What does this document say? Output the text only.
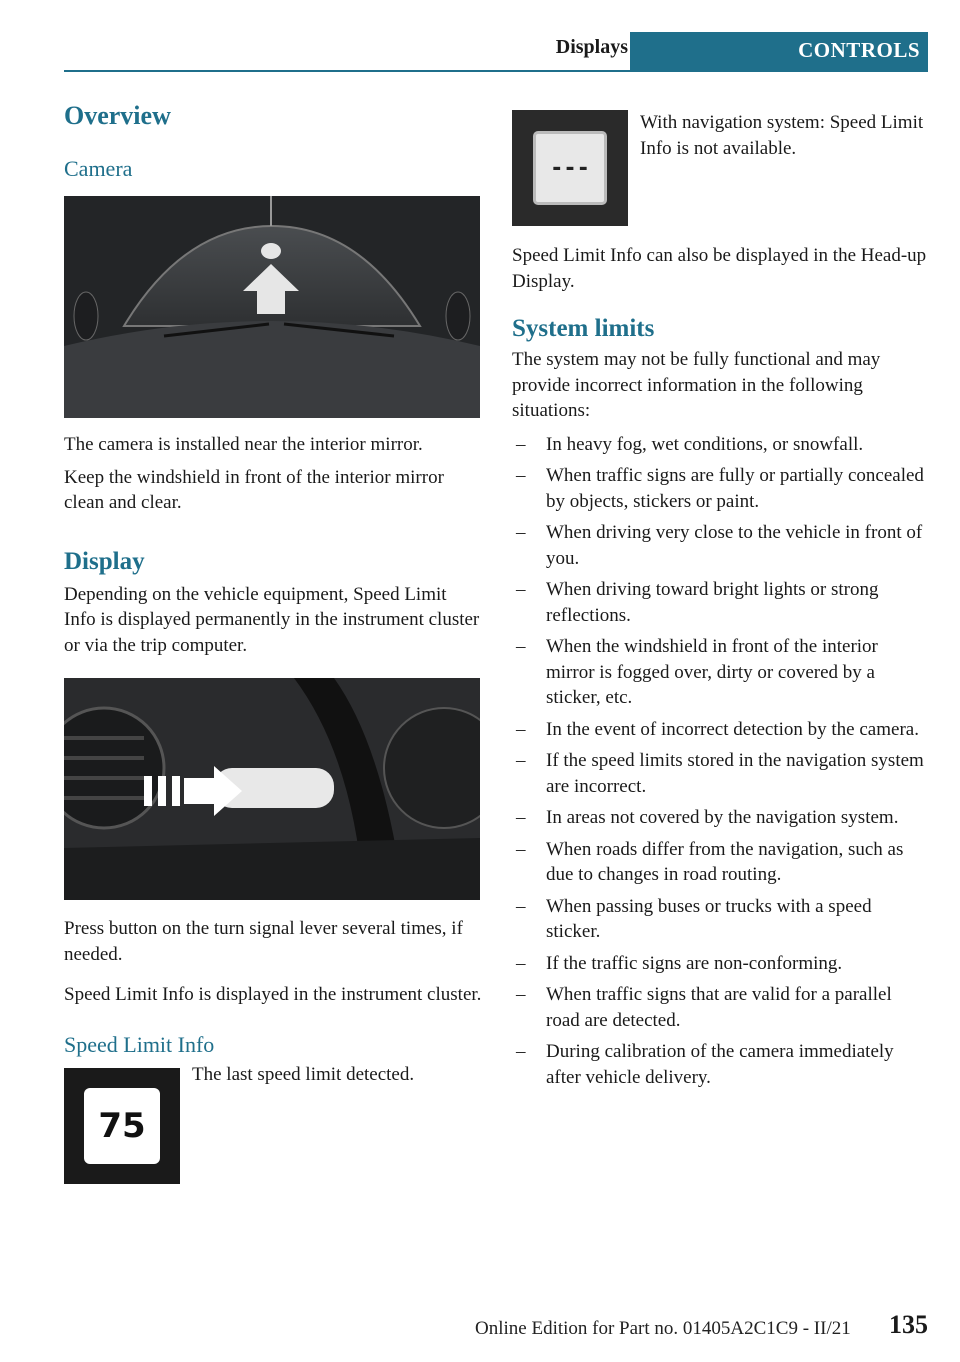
Displays	CONTROLS
Overview
Camera

The camera is installed near the interior mirror.

Keep the windshield in front of the interior mirror clean and clear.

Display

Depending on the vehicle equipment, Speed Limit Info is displayed permanently in the instrument cluster or via the trip computer.

Press button on the turn signal lever several times, if needed.

Speed Limit Info is displayed in the instrument cluster.

Speed Limit Info
75

The last speed limit detected.

---

With navigation system: Speed Limit Info is not available.

Speed Limit Info can also be displayed in the Head-up Display.

System limits

The system may not be fully functional and may provide incorrect information in the following situations:

– In heavy fog, wet conditions, or snowfall.
– When traffic signs are fully or partially concealed by objects, stickers or paint.
– When driving very close to the vehicle in front of you.
– When driving toward bright lights or strong reflections.
– When the windshield in front of the interior mirror is fogged over, dirty or covered by a sticker, etc.
– In the event of incorrect detection by the camera.
– If the speed limits stored in the navigation system are incorrect.
– In areas not covered by the navigation system.
– When roads differ from the navigation, such as due to changes in road routing.
– When passing buses or trucks with a speed sticker.
– If the traffic signs are non-conforming.
– When traffic signs that are valid for a parallel road are detected.
– During calibration of the camera immediately after vehicle delivery.
Online Edition for Part no. 01405A2C1C9 - II/21 135
